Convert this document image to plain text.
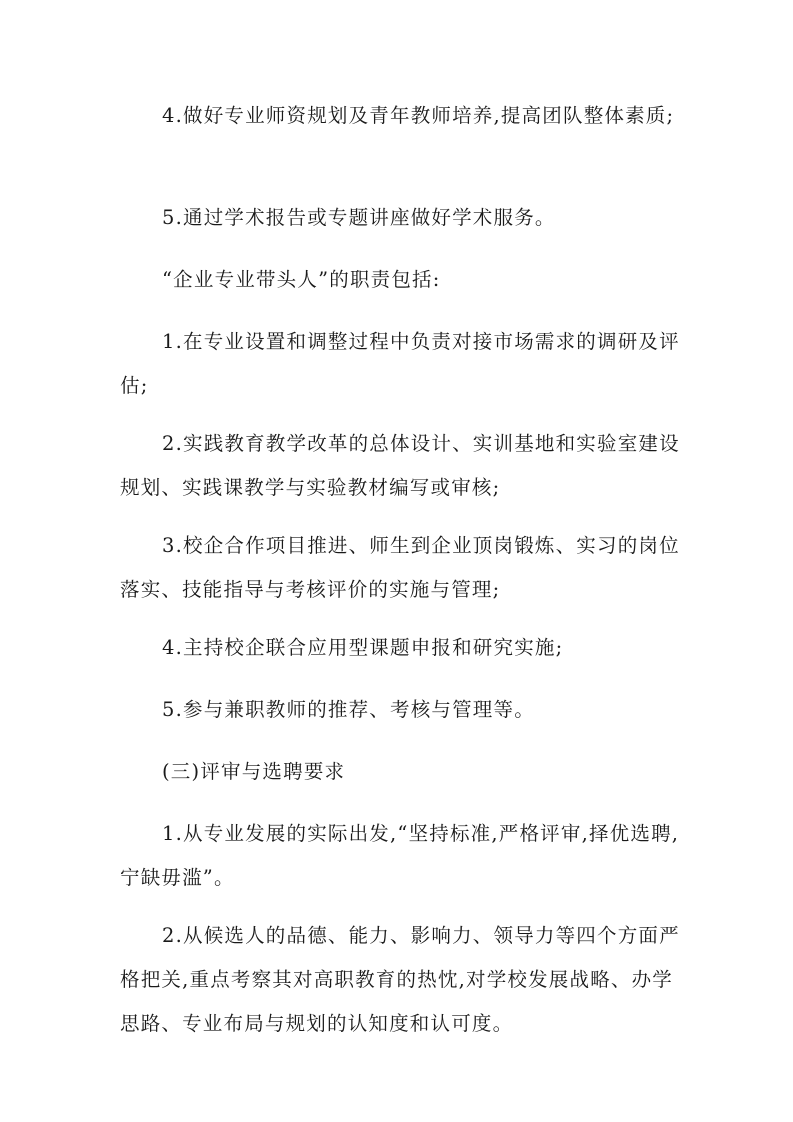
4.做好专业师资规划及青年教师培养,提高团队整体素质;

5.通过学术报告或专题讲座做好学术服务。

“企业专业带头人”的职责包括:

1.在专业设置和调整过程中负责对接市场需求的调研及评估;

2.实践教育教学改革的总体设计、实训基地和实验室建设规划、实践课教学与实验教材编写或审核;

3.校企合作项目推进、师生到企业顶岗锻炼、实习的岗位落实、技能指导与考核评价的实施与管理;

4.主持校企联合应用型课题申报和研究实施;

5.参与兼职教师的推荐、考核与管理等。

(三)评审与选聘要求

1.从专业发展的实际出发,“坚持标准,严格评审,择优选聘,宁缺毋滥”。

2.从候选人的品德、能力、影响力、领导力等四个方面严格把关,重点考察其对高职教育的热忱,对学校发展战略、办学思路、专业布局与规划的认知度和认可度。
